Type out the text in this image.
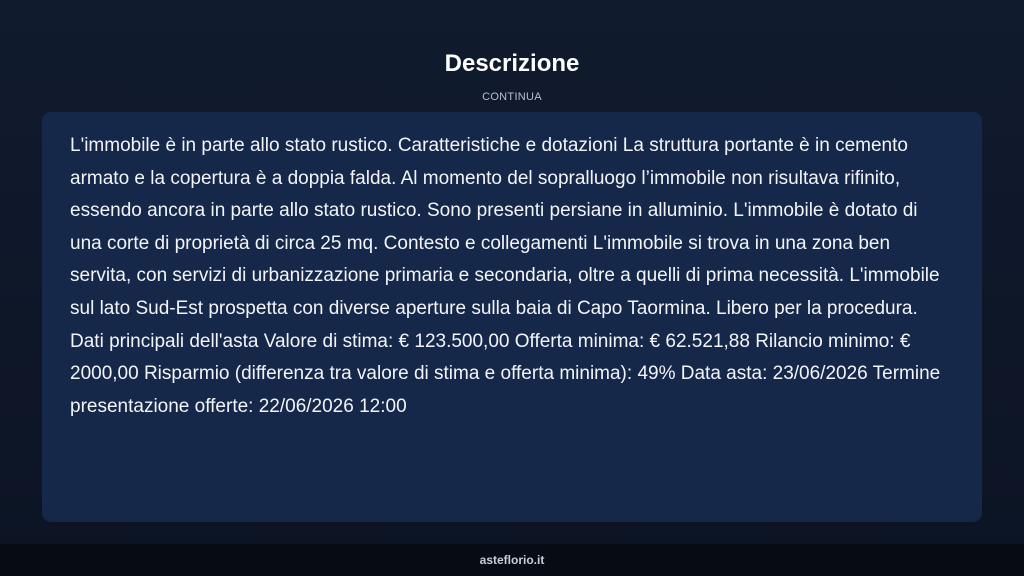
Descrizione
CONTINUA

L'immobile è in parte allo stato rustico. Caratteristiche e dotazioni La struttura portante è in cemento armato e la copertura è a doppia falda. Al momento del sopralluogo l’immobile non risultava rifinito, essendo ancora in parte allo stato rustico. Sono presenti persiane in alluminio. L'immobile è dotato di una corte di proprietà di circa 25 mq. Contesto e collegamenti L'immobile si trova in una zona ben servita, con servizi di urbanizzazione primaria e secondaria, oltre a quelli di prima necessità. L'immobile sul lato Sud-Est prospetta con diverse aperture sulla baia di Capo Taormina. Libero per la procedura. Dati principali dell'asta Valore di stima: € 123.500,00 Offerta minima: € 62.521,88 Rilancio minimo: € 2000,00 Risparmio (differenza tra valore di stima e offerta minima): 49% Data asta: 23/06/2026 Termine presentazione offerte: 22/06/2026 12:00

asteflorio.it
